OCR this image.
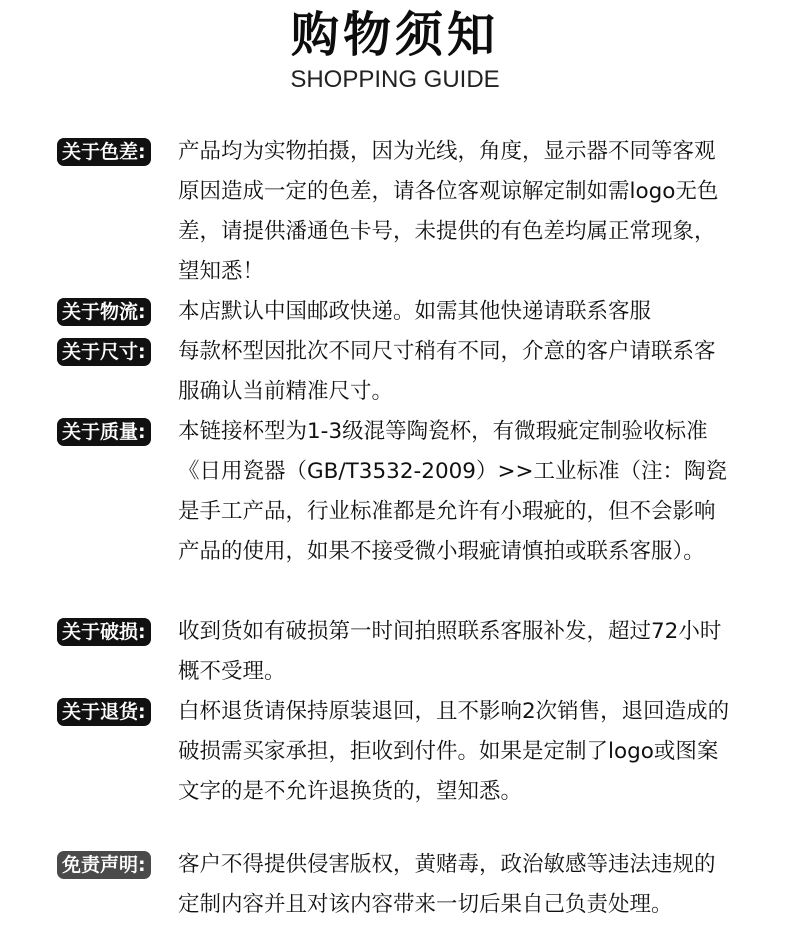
购物须知
SHOPPING GUIDE
关于色差: 产品均为实物拍摄，因为光线，角度，显示器不同等客观原因造成一定的色差，请各位客观谅解定制如需logo无色差，请提供潘通色卡号，未提供的有色差均属正常现象，望知悉！
关于物流: 本店默认中国邮政快递。如需其他快递请联系客服
关于尺寸: 每款杯型因批次不同尺寸稍有不同，介意的客户请联系客服确认当前精准尺寸。
关于质量: 本链接杯型为1-3级混等陶瓷杯，有微瑕疵定制验收标准《日用瓷器（GB/T3532-2009）>>工业标准（注：陶瓷是手工产品，行业标准都是允许有小瑕疵的，但不会影响产品的使用，如果不接受微小瑕疵请慎拍或联系客服）。
关于破损: 收到货如有破损第一时间拍照联系客服补发，超过72小时概不受理。
关于退货: 白杯退货请保持原装退回，且不影响2次销售，退回造成的破损需买家承担，拒收到付件。如果是定制了logo或图案文字的是不允许退换货的，望知悉。
免责声明: 客户不得提供侵害版权，黄赌毒，政治敏感等违法违规的定制内容并且对该内容带来一切后果自己负责处理。
